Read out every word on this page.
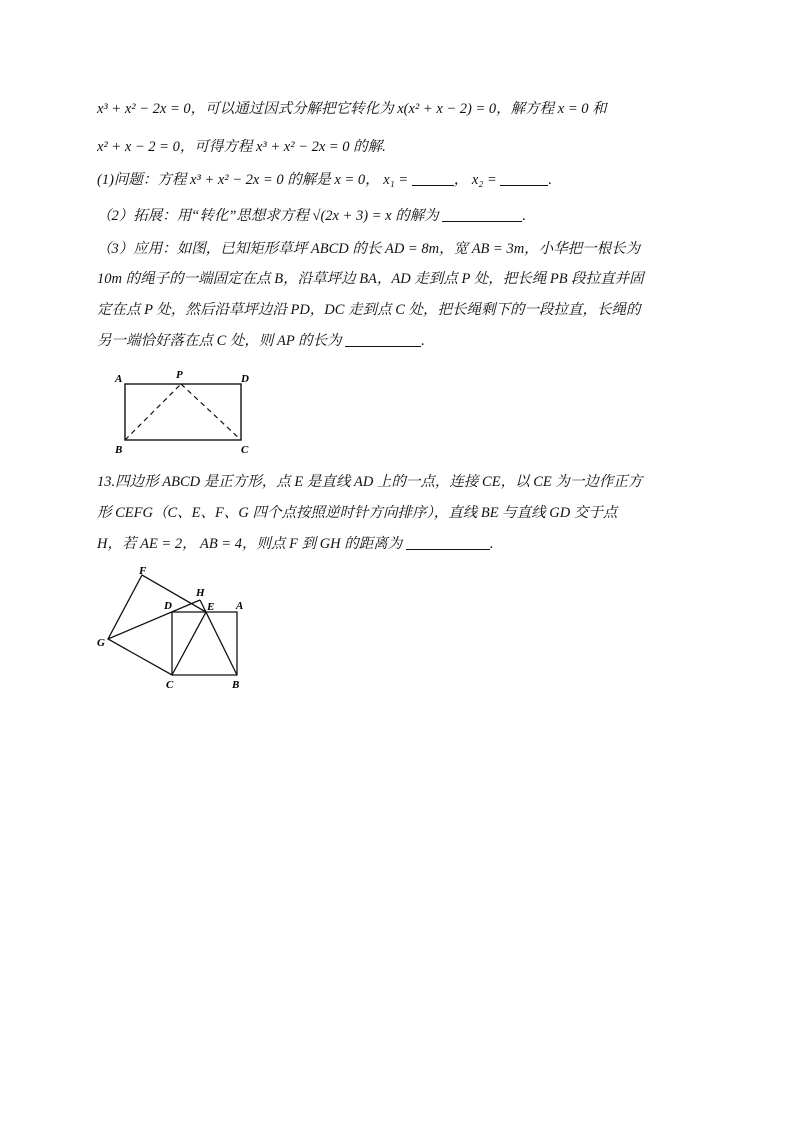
x³ + x² − 2x = 0，可以通过因式分解把它转化为 x(x² + x − 2) = 0，解方程 x = 0 和
x² + x − 2 = 0，可得方程 x³ + x² − 2x = 0 的解.
(1)问题：方程 x³ + x² − 2x = 0 的解是 x = 0， x₁ =	， x₂ =	.
（2）拓展：用“转化”思想求方程 √(2x + 3) = x 的解为	.
（3）应用：如图，已知矩形草坪 ABCD 的长 AD = 8m，宽 AB = 3m，小华把一根长为
10m 的绳子的一端固定在点 B，沿草坪边 BA，AD 走到点 P 处，把长绳 PB 段拉直并固
定在点 P 处，然后沿草坪边沿 PD，DC 走到点 C 处，把长绳剩下的一段拉直，长绳的
另一端恰好落在点 C 处，则 AP 的长为	.
A	P	D
B	C
13.四边形 ABCD 是正方形，点 E 是直线 AD 上的一点，连接 CE，以 CE 为一边作正方
形 CEFG（C、E、F、G 四个点按照逆时针方向排序），直线 BE 与直线 GD 交于点
H，若 AE = 2， AB = 4，则点 F 到 GH 的距离为	.
F
H
D	E A
G
C	B
